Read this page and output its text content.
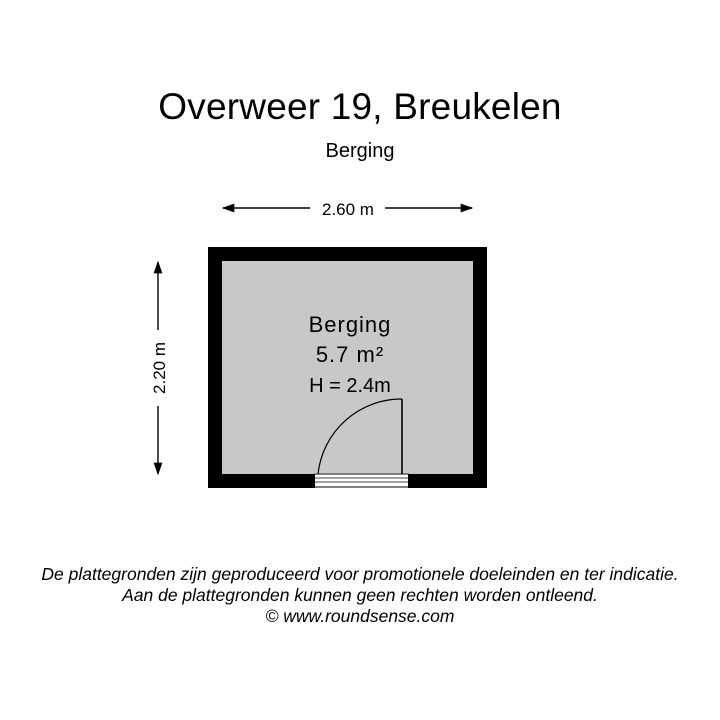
Overweer 19, Breukelen
Berging
2.60 m
2.20 m
Berging
5.7 m²
H = 2.4m
De plattegronden zijn geproduceerd voor promotionele doeleinden en ter indicatie.
Aan de plattegronden kunnen geen rechten worden ontleend.
© www.roundsense.com
